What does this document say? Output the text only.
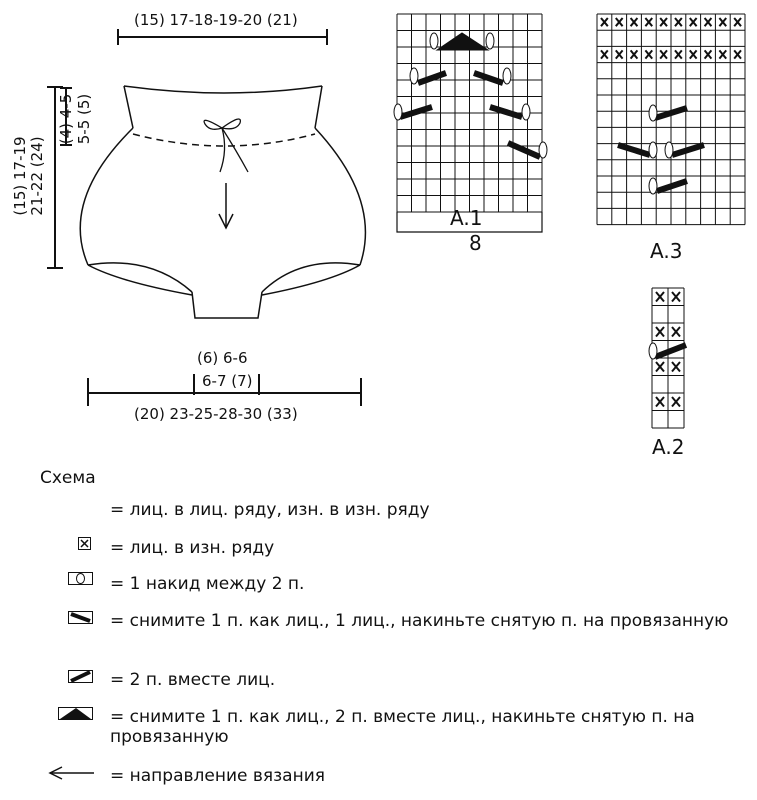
(15) 17-18-19-20 (21)
(15) 17-19 21-22 (24)
(4) 4-5 5-5 (5)
(6) 6-6
6-7 (7)
(20) 23-25-28-30 (33)
A.1
8	A.3
A.2
Схема
= лиц. в лиц. ряду, изн. в изн. ряду
= лиц. в изн. ряду
= 1 накид между 2 п.
= снимите 1 п. как лиц., 1 лиц., накиньте снятую п. на провязанную
= 2 п. вместе лиц.
= снимите 1 п. как лиц., 2 п. вместе лиц., накиньте снятую п. на провязанную
= направление вязания
